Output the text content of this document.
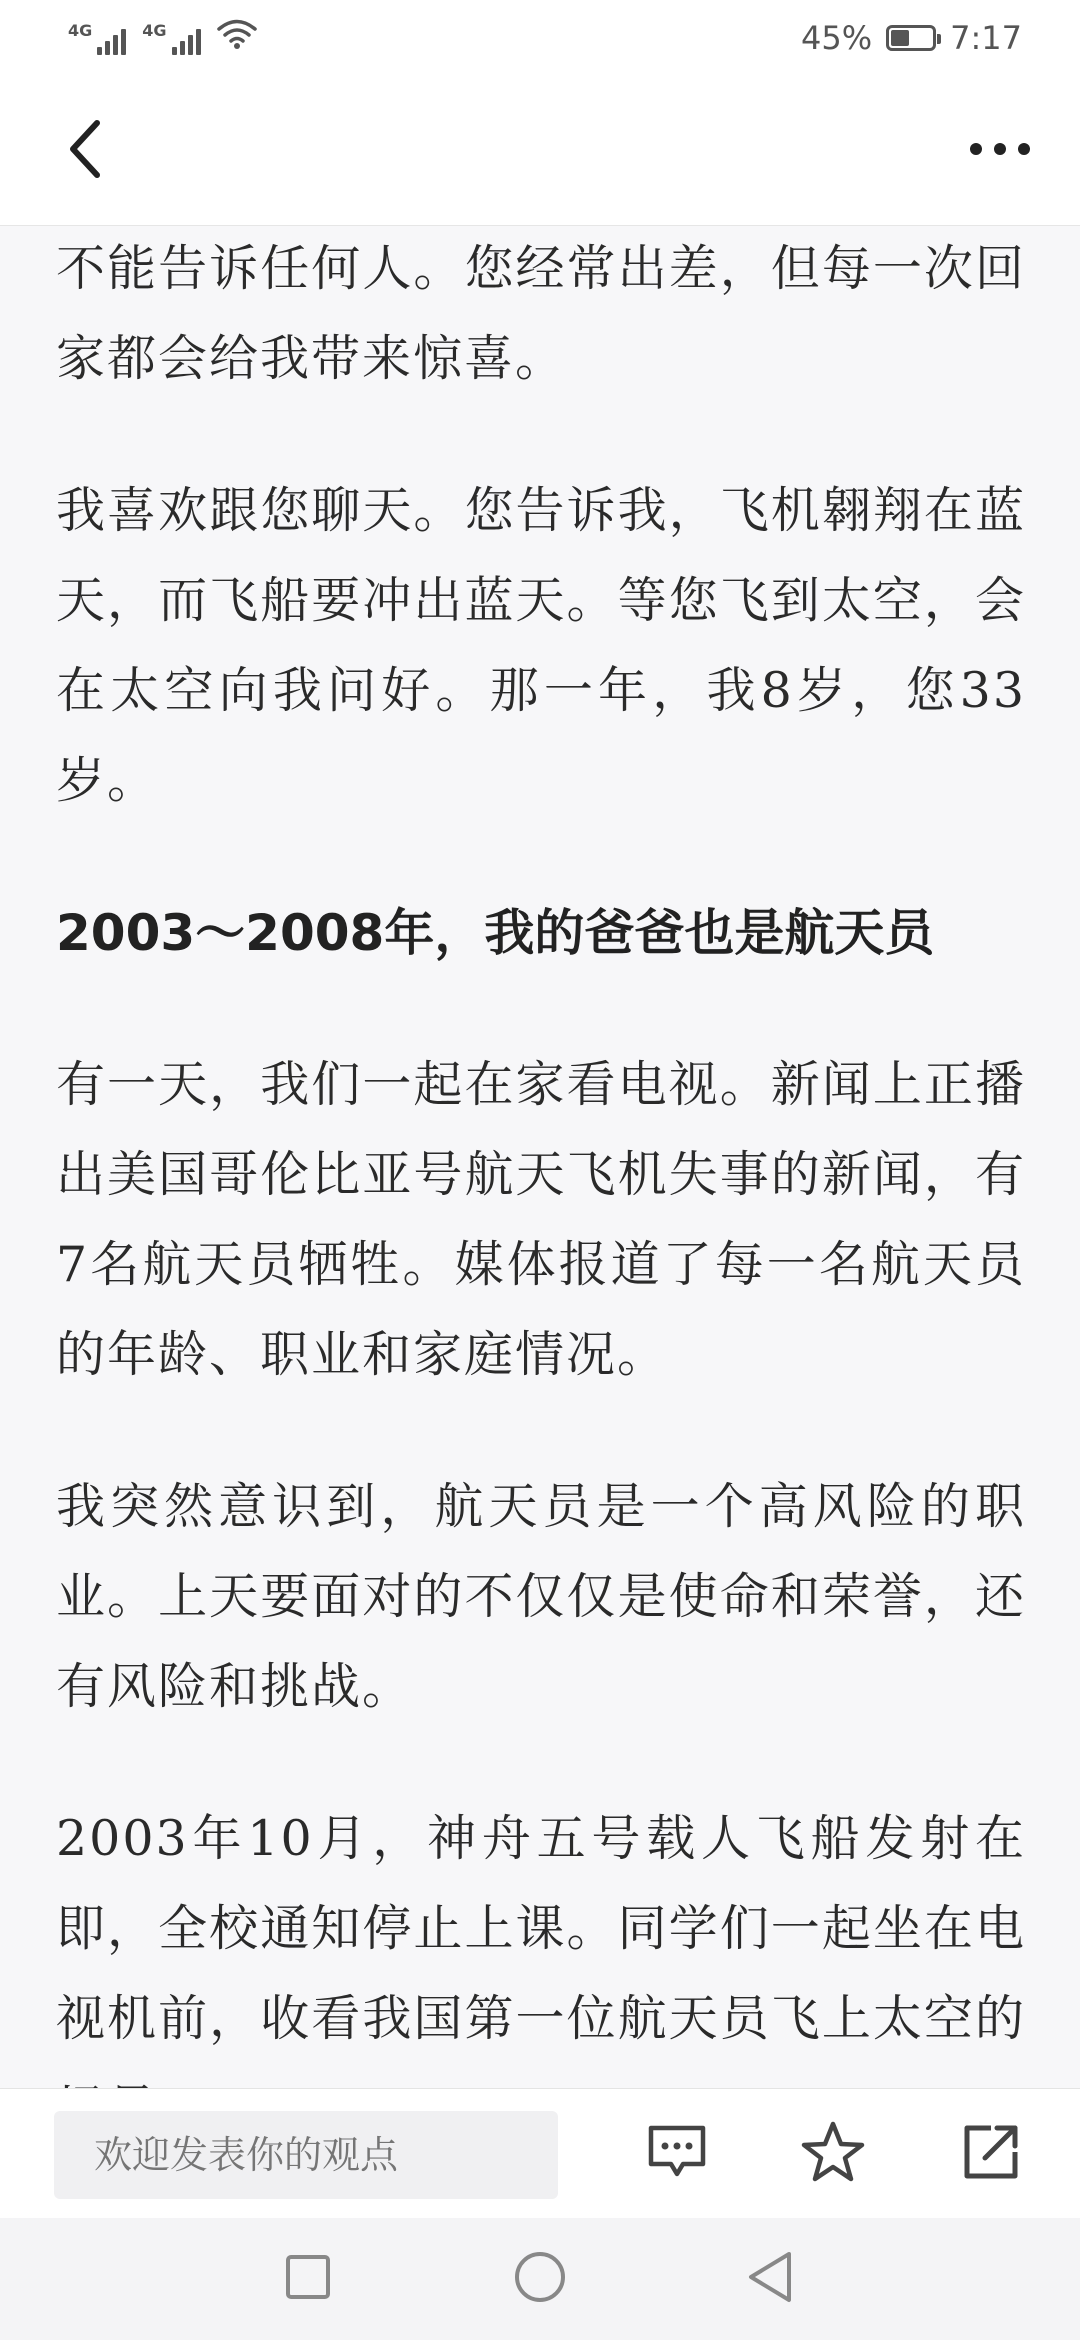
4G	4G	45% 7:17

不能告诉任何人。您经常出差，但每一次回家都会给我带来惊喜。

我喜欢跟您聊天。您告诉我，飞机翱翔在蓝天，而飞船要冲出蓝天。等您飞到太空，会在太空向我问好。那一年，我8岁，您33岁。

2003～2008年，我的爸爸也是航天员

有一天，我们一起在家看电视。新闻上正播出美国哥伦比亚号航天飞机失事的新闻，有7名航天员牺牲。媒体报道了每一名航天员的年龄、职业和家庭情况。

我突然意识到，航天员是一个高风险的职业。上天要面对的不仅仅是使命和荣誉，还有风险和挑战。

2003年10月，神舟五号载人飞船发射在即，全校通知停止上课。同学们一起坐在电视机前，收看我国第一位航天员飞上太空的

欢迎发表你的观点
